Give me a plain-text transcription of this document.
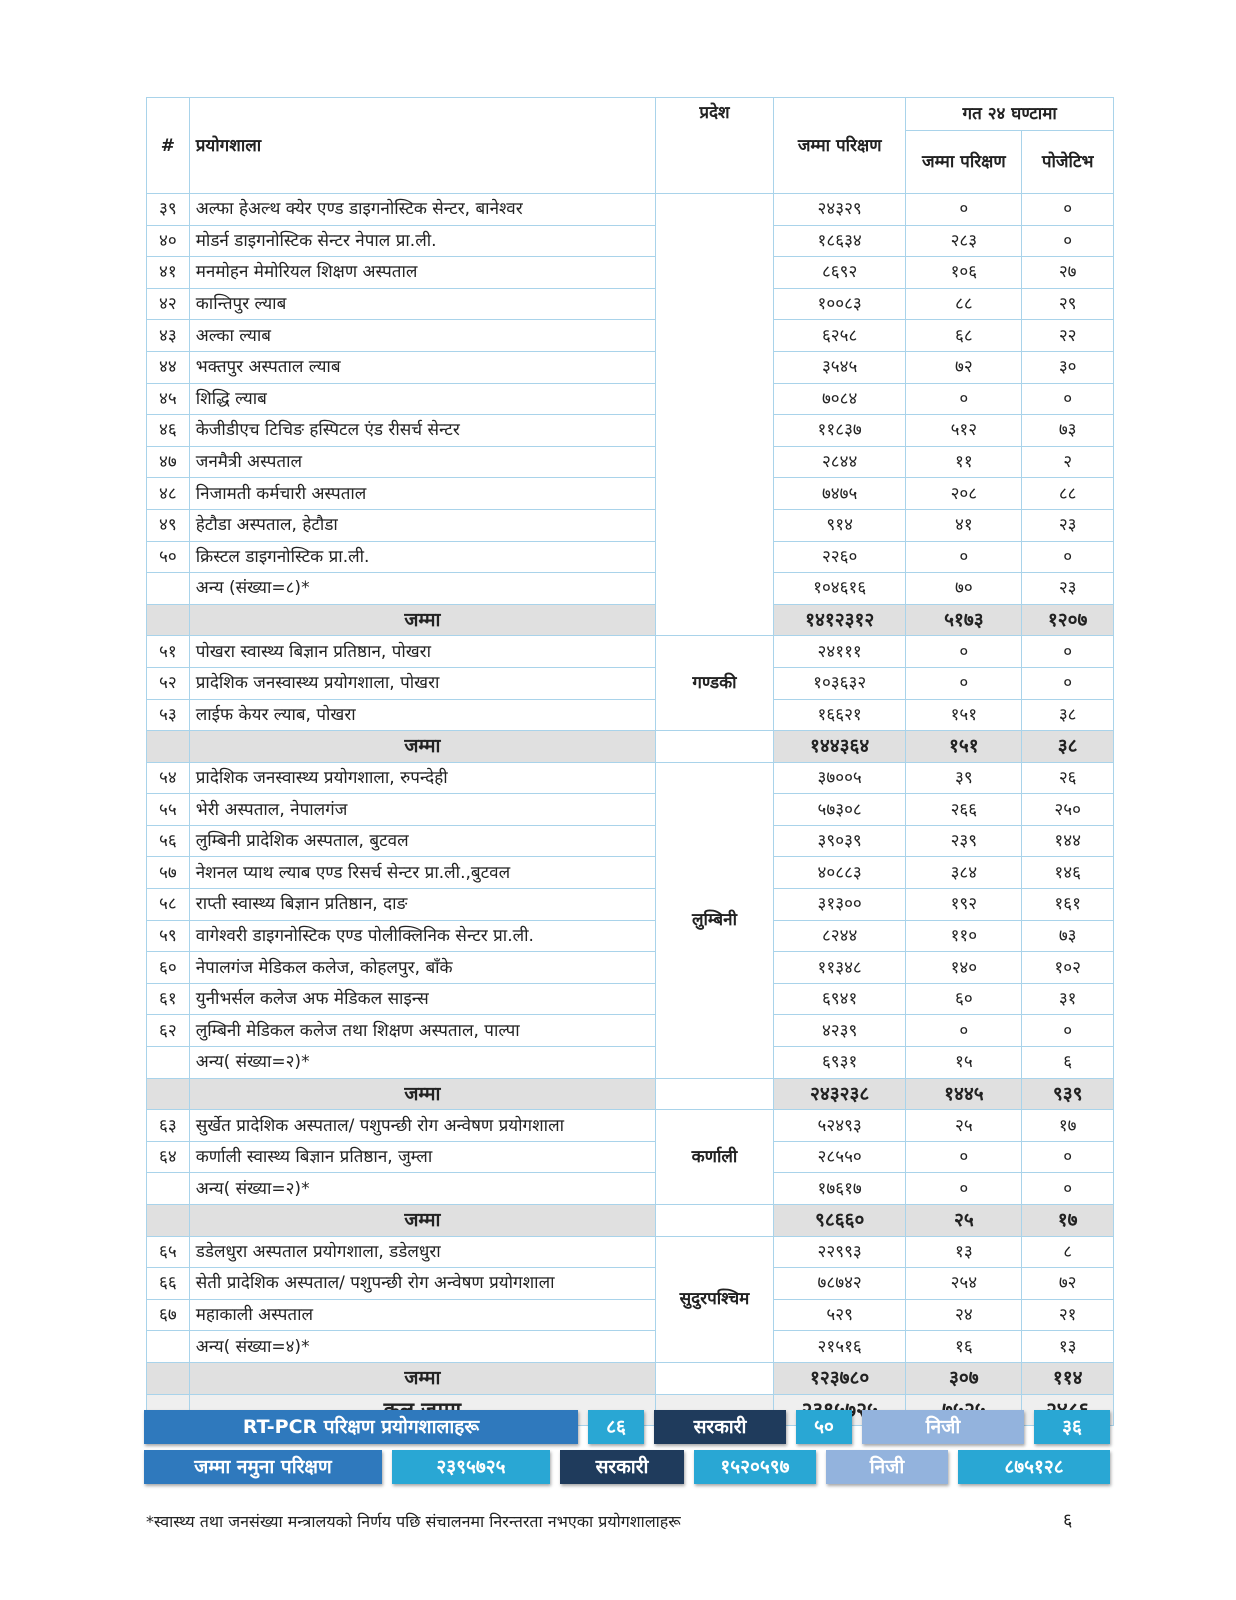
#	प्रयोगशाला	प्रदेश	जम्मा परिक्षण	गत २४ घण्टामा	
				जम्मा परिक्षण	पोजेटिभ
३९	अल्फा हेअल्थ क्येर एण्ड डाइगनोस्टिक सेन्टर, बानेश्वर		२४३२९	०	०
४०	मोडर्न डाइगनोस्टिक सेन्टर नेपाल प्रा.ली.		१८६३४	२८३	०
४१	मनमोहन मेमोरियल शिक्षण अस्पताल		८६९२	१०६	२७
४२	कान्तिपुर ल्याब		१००८३	८८	२९
४३	अल्का ल्याब		६२५८	६८	२२
४४	भक्तपुर अस्पताल ल्याब		३५४५	७२	३०
४५	शिद्धि ल्याब		७०८४	०	०
४६	केजीडीएच टिचिङ हस्पिटल एंड रीसर्च सेन्टर		११८३७	५१२	७३
४७	जनमैत्री अस्पताल		२८४४	११	२
४८	निजामती कर्मचारी अस्पताल		७४७५	२०८	८८
४९	हेटौडा अस्पताल, हेटौडा		९१४	४१	२३
५०	क्रिस्टल डाइगनोस्टिक प्रा.ली.		२२६०	०	०
	अन्य (संख्या=८)*		१०४६१६	७०	२३
	जम्मा		१४१२३१२	५१७३	१२०७
५१	पोखरा स्वास्थ्य बिज्ञान प्रतिष्ठान, पोखरा	गण्डकी	२४१११	०	०
५२	प्रादेशिक जनस्वास्थ्य प्रयोगशाला, पोखरा		१०३६३२	०	०
५३	लाईफ केयर ल्याब, पोखरा		१६६२१	१५१	३८
	जम्मा		१४४३६४	१५१	३८
५४	प्रादेशिक जनस्वास्थ्य प्रयोगशाला, रुपन्देही	लुम्बिनी	३७००५	३९	२६
५५	भेरी अस्पताल, नेपालगंज		५७३०८	२६६	२५०
५६	लुम्बिनी प्रादेशिक अस्पताल, बुटवल		३९०३९	२३९	१४४
५७	नेशनल प्याथ ल्याब एण्ड रिसर्च सेन्टर प्रा.ली.,बुटवल		४०८८३	३८४	१४६
५८	राप्ती स्वास्थ्य बिज्ञान प्रतिष्ठान, दाङ		३१३००	१९२	१६१
५९	वागेश्वरी डाइगनोस्टिक एण्ड पोलीक्लिनिक सेन्टर प्रा.ली.		८२४४	११०	७३
६०	नेपालगंज मेडिकल कलेज, कोहलपुर, बाँके		११३४८	१४०	१०२
६१	युनीभर्सल कलेज अफ मेडिकल साइन्स		६९४१	६०	३१
६२	लुम्बिनी मेडिकल कलेज तथा शिक्षण अस्पताल, पाल्पा		४२३९	०	०
	अन्य( संख्या=२)*		६९३१	१५	६
	जम्मा		२४३२३८	१४४५	९३९
६३	सुर्खेत प्रादेशिक अस्पताल/ पशुपन्छी रोग अन्वेषण प्रयोगशाला	कर्णाली	५२४९३	२५	१७
६४	कर्णाली स्वास्थ्य बिज्ञान प्रतिष्ठान, जुम्ला		२८५५०	०	०
	अन्य( संख्या=२)*		१७६१७	०	०
	जम्मा		९८६६०	२५	१७
६५	डडेलधुरा अस्पताल प्रयोगशाला, डडेलधुरा	सुदुरपश्चिम	२२९९३	१३	८
६६	सेती प्रादेशिक अस्पताल/ पशुपन्छी रोग अन्वेषण प्रयोगशाला		७८७४२	२५४	७२
६७	महाकाली अस्पताल		५२९	२४	२१
	अन्य( संख्या=४)*		२१५१६	१६	१३
	जम्मा		१२३७८०	३०७	११४

RT-PCR परिक्षण प्रयोगशालाहरू	८६	सरकारी	५०	निजी	३६
जम्मा नमुना परिक्षण	२३९५७२५	सरकारी	१५२०५९७	निजी	८७५१२८
*स्वास्थ्य तथा जनसंख्या मन्त्रालयको निर्णय पछि संचालनमा निरन्तरता नभएका प्रयोगशालाहरू	६
